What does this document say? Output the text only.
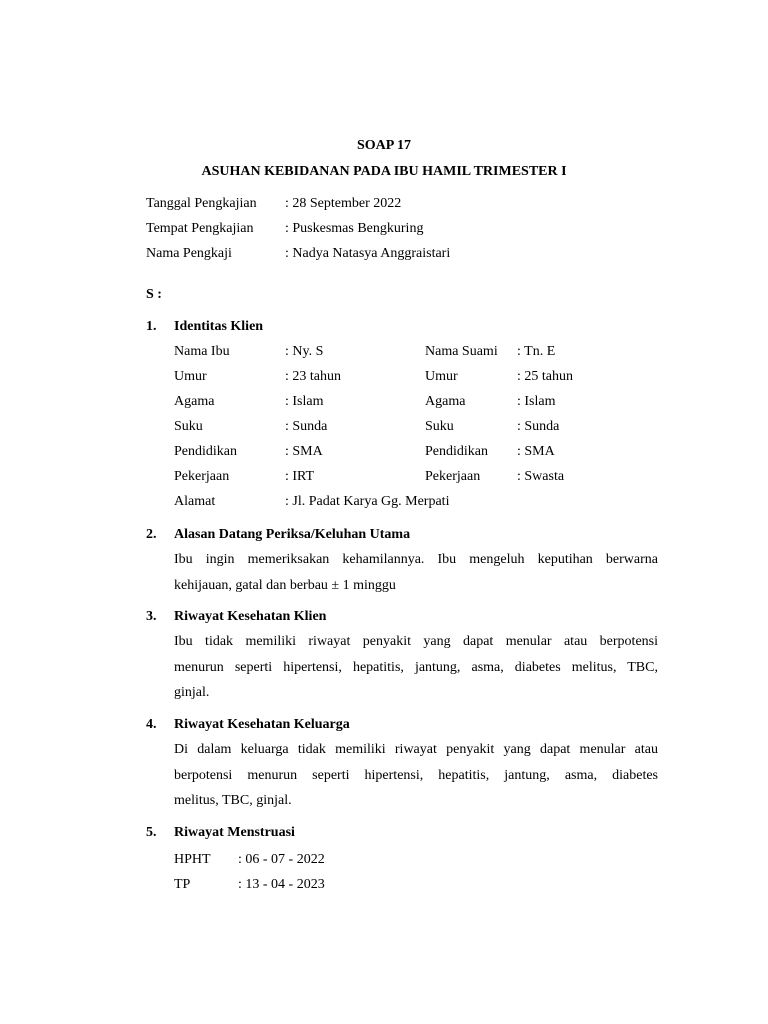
SOAP 17
ASUHAN KEBIDANAN PADA IBU HAMIL TRIMESTER I
Tanggal Pengkajian : 28 September 2022
Tempat Pengkajian : Puskesmas Bengkuring
Nama Pengkaji	: Nadya Natasya Anggraistari
S :
1. Identitas Klien
Nama Ibu	: Ny. S	Nama Suami : Tn. E
Umur	: 23 tahun	Umur	: 25 tahun
Agama	: Islam	Agama	: Islam
Suku	: Sunda	Suku	: Sunda
Pendidikan	: SMA	Pendidikan : SMA
Pekerjaan	: IRT	Pekerjaan	: Swasta
Alamat	: Jl. Padat Karya Gg. Merpati
2. Alasan Datang Periksa/Keluhan Utama
Ibu ingin memeriksakan kehamilannya. Ibu mengeluh keputihan berwarna
kehijauan, gatal dan berbau ± 1 minggu
3. Riwayat Kesehatan Klien
Ibu tidak memiliki riwayat penyakit yang dapat menular atau berpotensi
menurun seperti hipertensi, hepatitis, jantung, asma, diabetes melitus, TBC,
ginjal.
4. Riwayat Kesehatan Keluarga
Di dalam keluarga tidak memiliki riwayat penyakit yang dapat menular atau
berpotensi menurun seperti hipertensi, hepatitis, jantung, asma, diabetes
melitus, TBC, ginjal.
5. Riwayat Menstruasi
HPHT : 06 - 07 - 2022
TP	: 13 - 04 - 2023
